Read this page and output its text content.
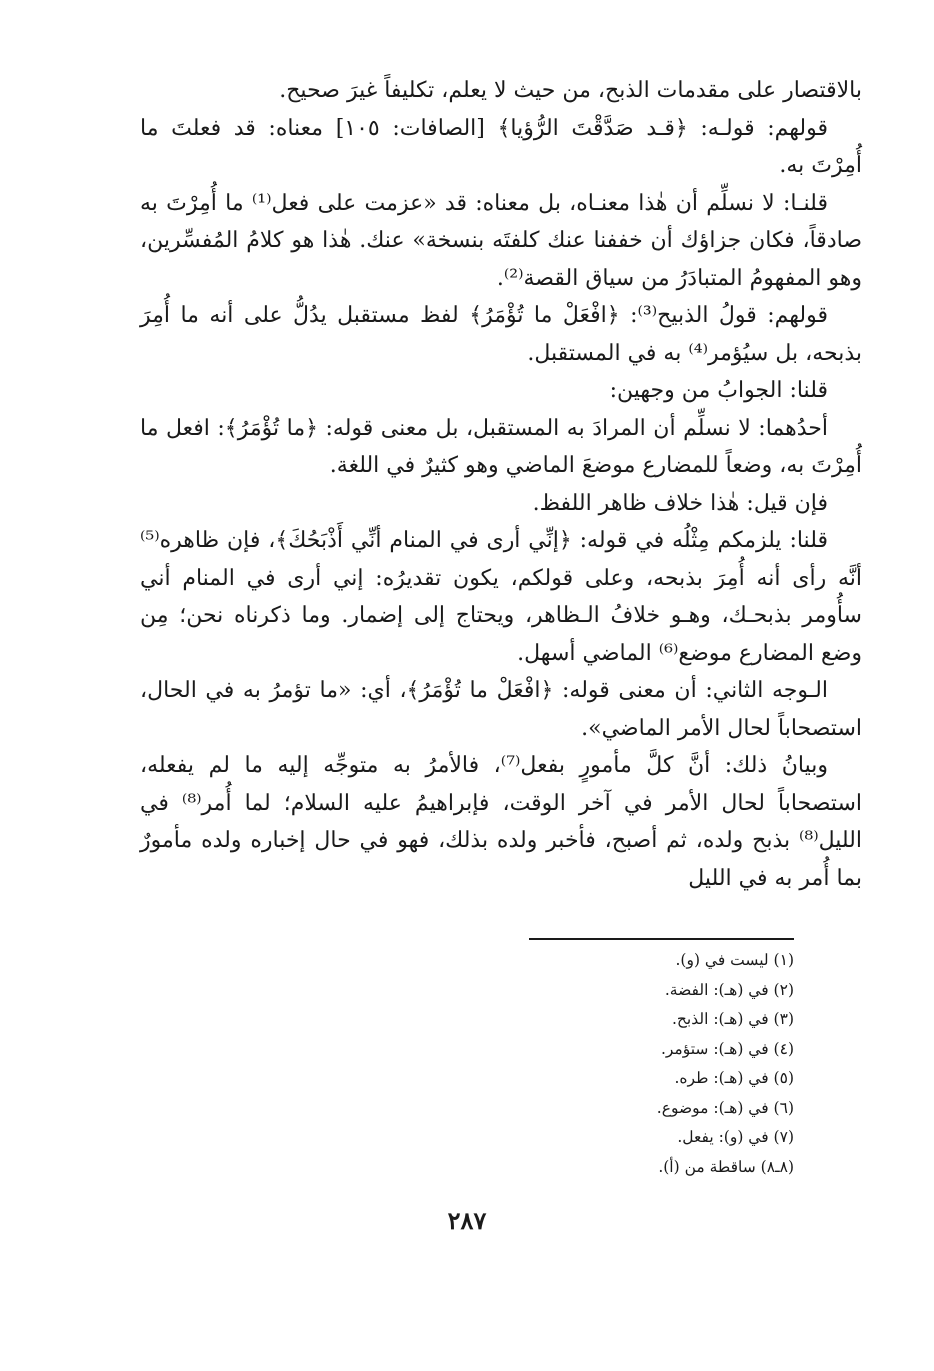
بالاقتصار على مقدمات الذبح، من حيث لا يعلم، تكليفاً غيرَ صحيح.

قولهم: قولـه: ﴿قـد صَدَّقْتَ الرُّؤيا﴾ [الصافات: ١٠٥] معناه: قد فعلتَ ما أُمِرْتَ به.

قلنـا: لا نسلِّم أن هٰذا معنـاه، بل معناه: قد «عزمت على فعل⁽¹⁾ ما أُمِرْتَ به صادقاً، فكان جزاؤك أن خففنا عنك كلفتَه بنسخة» عنك. هٰذا هو كلامُ المُفسِّرين، وهو المفهومُ المتبادَرُ من سياق القصة⁽²⁾.

قولهم: قولُ الذبيح⁽³⁾: ﴿افْعَلْ ما تُؤْمَرُ﴾ لفظ مستقبل يدُلُّ على أنه ما أُمِرَ بذبحه، بل سيُؤمر⁽⁴⁾ به في المستقبل.

قلنا: الجوابُ من وجهين:

أحدُهما: لا نسلِّم أن المرادَ به المستقبل، بل معنى قوله: ﴿ما تُؤْمَرُ﴾: افعل ما أُمِرْتَ به، وضعاً للمضارع موضعَ الماضي وهو كثيرٌ في اللغة.

فإن قيل: هٰذا خلاف ظاهر اللفظ.

قلنا: يلزمكم مِثْلُه في قوله: ﴿إنِّي أرى في المنام أنِّي أَذْبَحُكَ﴾، فإن ظاهره⁽⁵⁾ أنَّه رأى أنه أُمِرَ بذبحه، وعلى قولكم، يكون تقديرُه: إني أرى في المنام أني سأُومر بذبحـك، وهـو خلافُ الـظاهر، ويحتاج إلى إضمار. وما ذكرناه نحن؛ مِن وضع المضارع موضع⁽⁶⁾ الماضي أسهل.

الـوجه الثاني: أن معنى قوله: ﴿افْعَلْ ما تُؤْمَرُ﴾، أي: «ما تؤمرُ به في الحال، استصحاباً لحال الأمر الماضي».

وبيانُ ذلك: أنَّ كلَّ مأمورٍ بفعل⁽⁷⁾، فالأمرُ به متوجِّه إليه ما لم يفعله، استصحاباً لحال الأمر في آخر الوقت، فإبراهيمُ عليه السلام؛ لما أُمر⁽⁸⁾ في الليل⁽⁸⁾ بذبح ولده، ثم أصبح، فأخبر ولده بذلك، فهو في حال إخباره ولده مأمورٌ بما أُمر به في الليل

(١) ليست في (و).

(٢) في (هـ): الفضة.

(٣) في (هـ): الذبح.

(٤) في (هـ): ستؤمر.

(٥) في (هـ): طره.

(٦) في (هـ): موضوع.

(٧) في (و): يفعل.

(٨ـ٨) ساقطة من (أ).

٢٨٧
